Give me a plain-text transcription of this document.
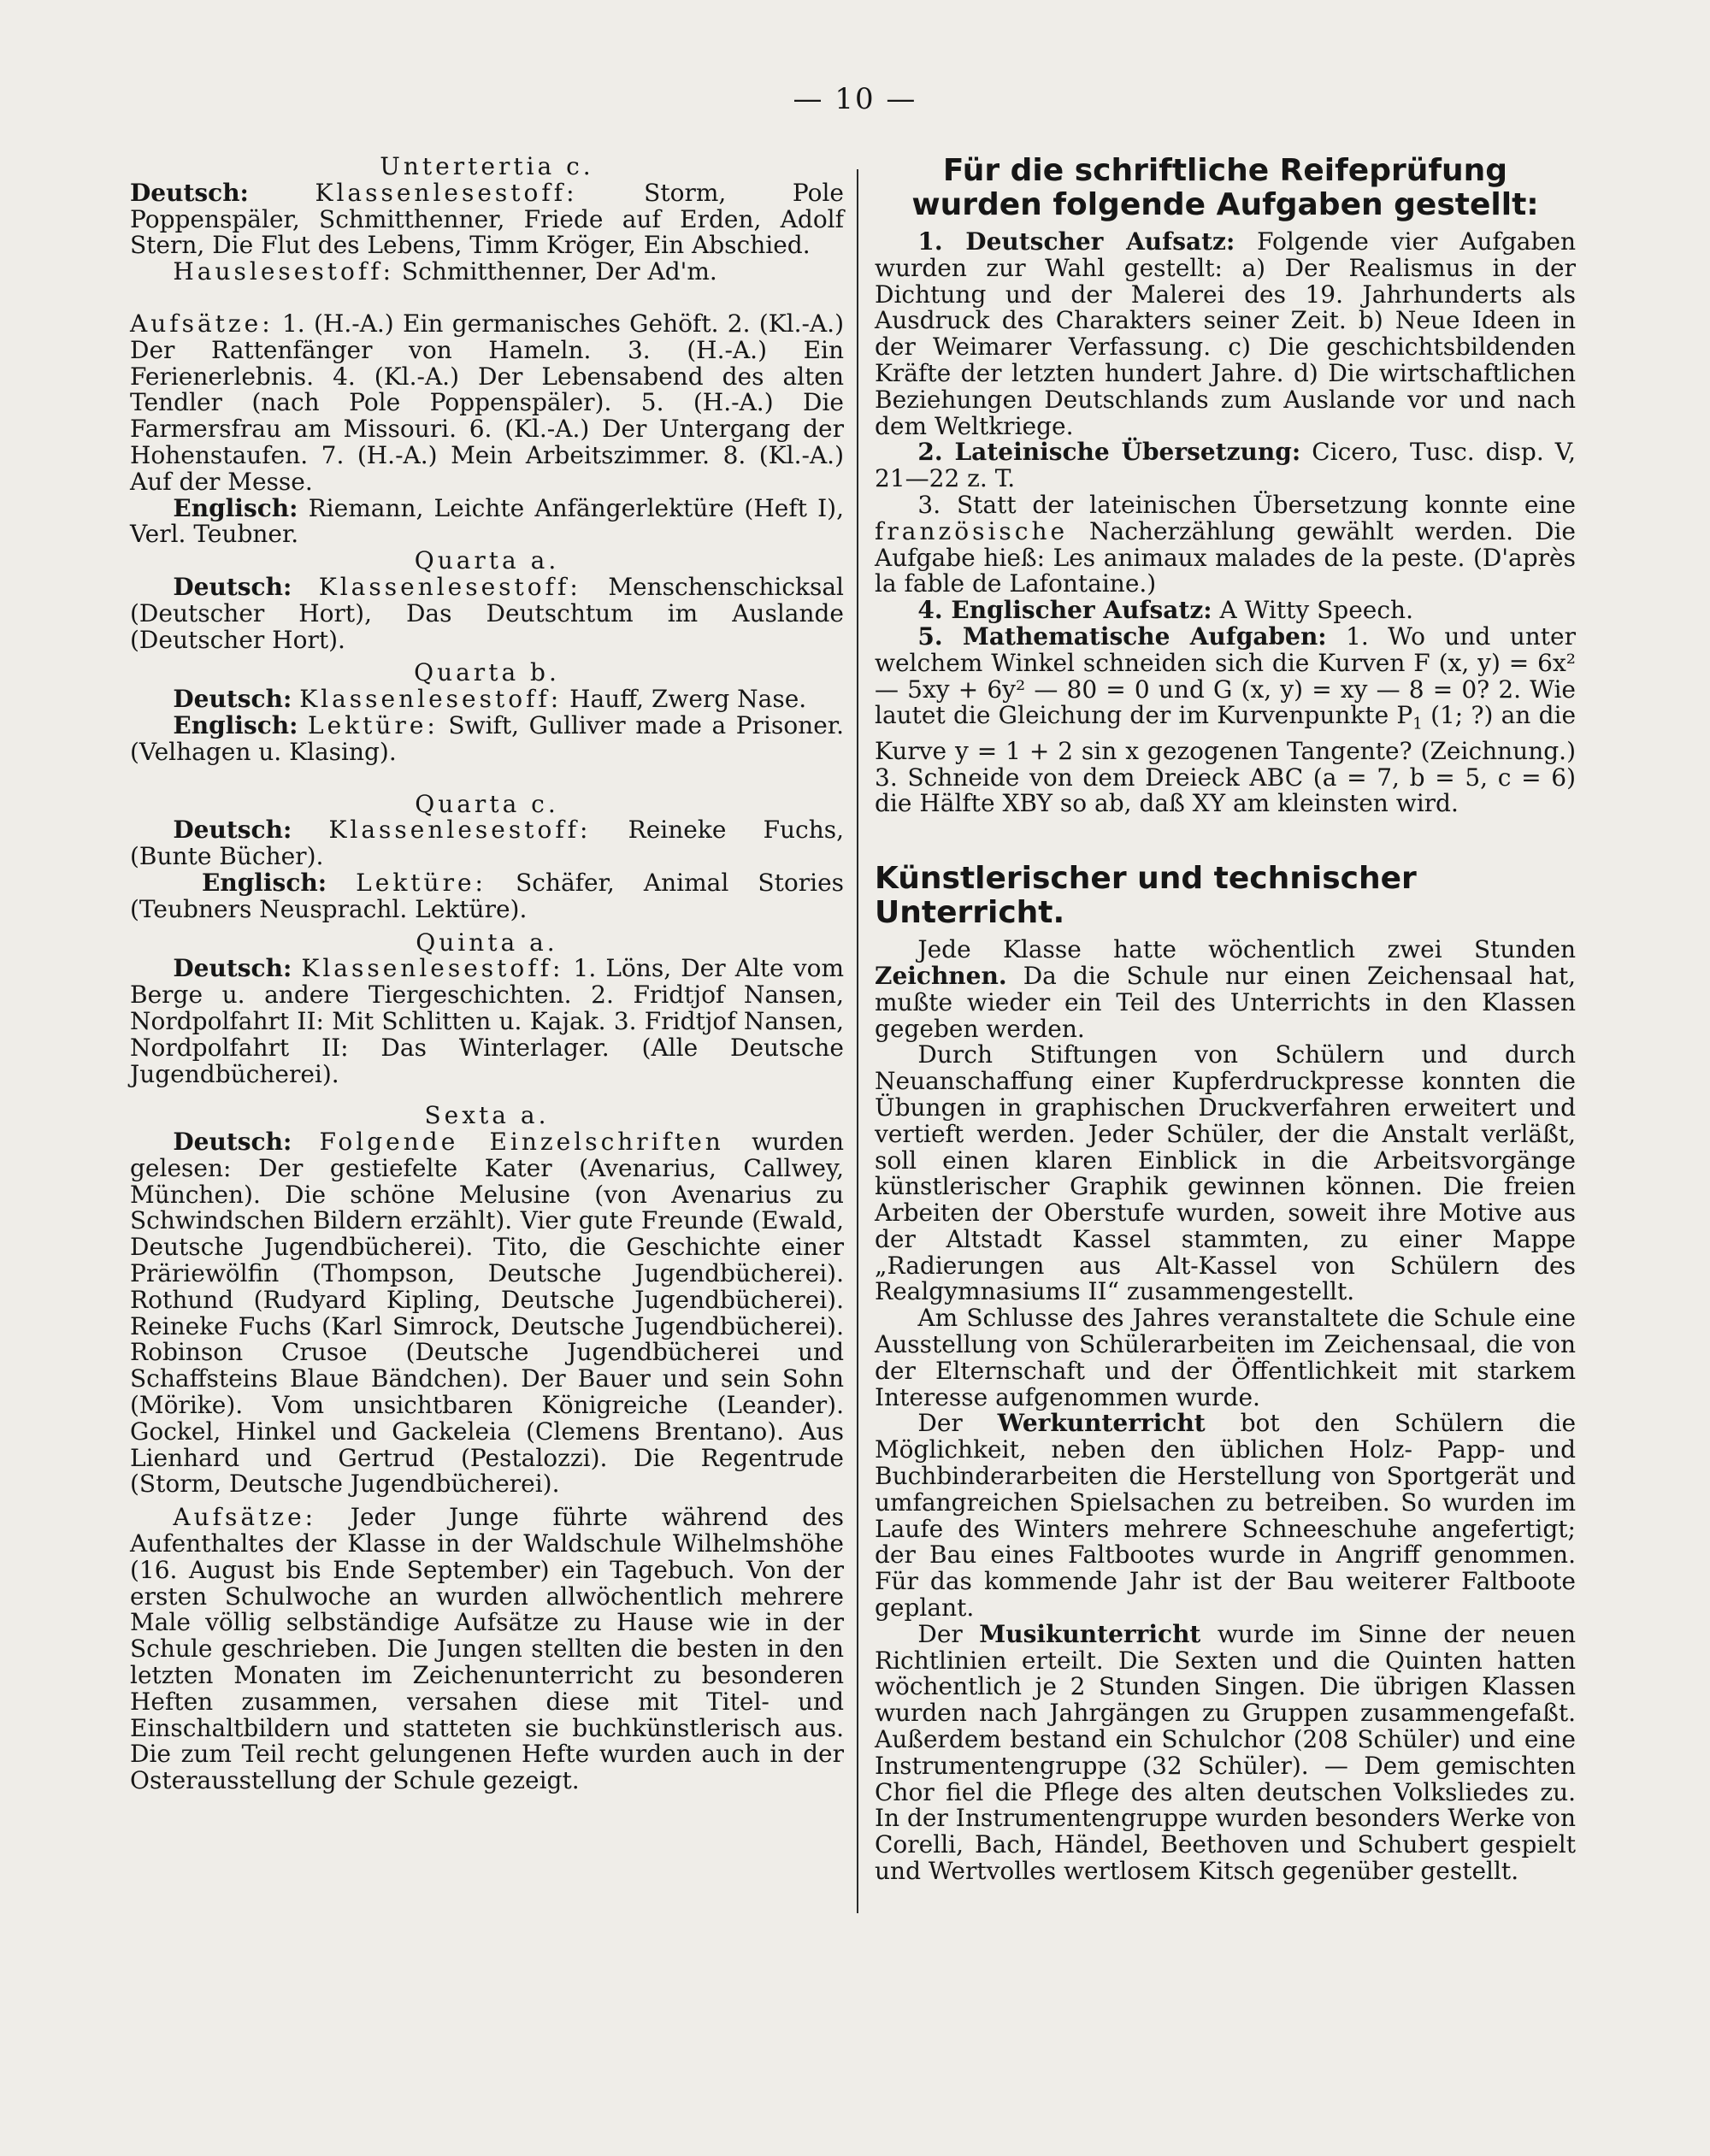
— 10 —

Untertertia c.

Deutsch:	Klassenlesestoff:	Storm, Pole Poppenspäler, Schmitthenner, Friede auf Erden, Adolf Stern, Die Flut des Lebens, Timm Kröger, Ein Abschied.

Hauslesestoff: Schmitthenner, Der Ad'm.

Aufsätze: 1. (H.-A.) Ein germanisches Gehöft. 2. (Kl.-A.) Der Rattenfänger von Hameln. 3. (H.-A.) Ein Ferienerlebnis. 4. (Kl.-A.) Der Lebensabend des alten Tendler (nach Pole Poppenspäler). 5. (H.-A.) Die Farmersfrau am Missouri. 6. (Kl.-A.) Der Untergang der Hohenstaufen. 7. (H.-A.) Mein Arbeitszimmer. 8. (Kl.-A.) Auf der Messe.

Englisch: Riemann, Leichte Anfängerlektüre (Heft I), Verl. Teubner.

Quarta a.

Deutsch: Klassenlesestoff: Menschenschicksal (Deutscher Hort), Das Deutschtum im Auslande (Deutscher Hort).

Quarta b.

Deutsch: Klassenlesestoff: Hauff, Zwerg Nase.

Englisch: Lektüre: Swift, Gulliver made a Prisoner. (Velhagen u. Klasing).

Quarta c.

Deutsch: Klassenlesestoff: Reineke Fuchs, (Bunte Bücher).

Englisch: Lektüre: Schäfer, Animal Stories (Teubners Neusprachl. Lektüre).

Quinta a.

Deutsch: Klassenlesestoff: 1. Löns, Der Alte vom Berge u. andere Tiergeschichten. 2. Fridtjof Nansen, Nordpolfahrt II: Mit Schlitten u. Kajak. 3. Fridtjof Nansen, Nordpolfahrt II: Das Winterlager. (Alle Deutsche Jugendbücherei).

Sexta a.

Deutsch: Folgende Einzelschriften wurden gelesen: Der gestiefelte Kater (Avenarius, Callwey, München). Die schöne Melusine (von Avenarius zu Schwindschen Bildern erzählt). Vier gute Freunde (Ewald, Deutsche Jugendbücherei). Tito, die Geschichte einer Präriewölfin (Thompson, Deutsche Jugendbücherei). Rothund (Rudyard Kipling, Deutsche Jugendbücherei). Reineke Fuchs (Karl Simrock, Deutsche Jugendbücherei). Robinson Crusoe (Deutsche Jugendbücherei und Schaffsteins Blaue Bändchen). Der Bauer und sein Sohn (Mörike). Vom unsichtbaren Königreiche (Leander). Gockel, Hinkel und Gackeleia (Clemens Brentano). Aus Lienhard und Gertrud (Pestalozzi). Die Regentrude (Storm, Deutsche Jugendbücherei).

Aufsätze: Jeder Junge führte während des Aufenthaltes der Klasse in der Waldschule Wilhelmshöhe (16. August bis Ende September) ein Tagebuch. Von der ersten Schulwoche an wurden allwöchentlich mehrere Male völlig selbständige Aufsätze zu Hause wie in der Schule geschrieben. Die Jungen stellten die besten in den letzten Monaten im Zeichenunterricht zu besonderen Heften zusammen, versahen diese mit Titel- und Einschaltbildern und statteten sie buchkünstlerisch aus. Die zum Teil recht gelungenen Hefte wurden auch in der Osterausstellung der Schule gezeigt.

Für die schriftliche Reifeprüfung wurden folgende Aufgaben gestellt:

1. Deutscher Aufsatz: Folgende vier Aufgaben wurden zur Wahl gestellt: a) Der Realismus in der Dichtung und der Malerei des 19. Jahrhunderts als Ausdruck des Charakters seiner Zeit. b) Neue Ideen in der Weimarer Verfassung. c) Die geschichtsbildenden Kräfte der letzten hundert Jahre. d) Die wirtschaftlichen Beziehungen Deutschlands zum Auslande vor und nach dem Weltkriege.

2. Lateinische Übersetzung: Cicero, Tusc. disp. V, 21—22 z. T.

3. Statt der lateinischen Übersetzung konnte eine französische Nacherzählung gewählt werden. Die Aufgabe hieß: Les animaux malades de la peste. (D'après la fable de Lafontaine.)

4. Englischer Aufsatz: A Witty Speech.

5. Mathematische Aufgaben: 1. Wo und unter welchem Winkel schneiden sich die Kurven F (x, y) = 6x² — 5xy + 6y² — 80 = 0 und G (x, y) = xy — 8 = 0? 2. Wie lautet die Gleichung der im Kurvenpunkte $P_1$ (1; ?) an die Kurve y = 1 + 2 sin x gezogenen Tangente? (Zeichnung.) 3. Schneide von dem Dreieck ABC (a = 7, b = 5, c = 6) die Hälfte XBY so ab, daß XY am kleinsten wird.

Künstlerischer und technischer Unterricht.

Jede Klasse hatte wöchentlich zwei Stunden Zeichnen. Da die Schule nur einen Zeichensaal hat, mußte wieder ein Teil des Unterrichts in den Klassen gegeben werden.

Durch Stiftungen von Schülern und durch Neuanschaffung einer Kupferdruckpresse konnten die Übungen in graphischen Druckverfahren erweitert und vertieft werden. Jeder Schüler, der die Anstalt verläßt, soll einen klaren Einblick in die Arbeitsvorgänge künstlerischer Graphik gewinnen können. Die freien Arbeiten der Oberstufe wurden, soweit ihre Motive aus der Altstadt Kassel stammten, zu einer Mappe „Radierungen aus Alt-Kassel von Schülern des Realgymnasiums II“ zusammengestellt.

Am Schlusse des Jahres veranstaltete die Schule eine Ausstellung von Schülerarbeiten im Zeichensaal, die von der Elternschaft und der Öffentlichkeit mit starkem Interesse aufgenommen wurde.

Der Werkunterricht bot den Schülern die Möglichkeit, neben den üblichen Holz- Papp- und Buchbinderarbeiten die Herstellung von Sportgerät und umfangreichen Spielsachen zu betreiben. So wurden im Laufe des Winters mehrere Schneeschuhe angefertigt; der Bau eines Faltbootes wurde in Angriff genommen. Für das kommende Jahr ist der Bau weiterer Faltboote geplant.

Der Musikunterricht wurde im Sinne der neuen Richtlinien erteilt. Die Sexten und die Quinten hatten wöchentlich je 2 Stunden Singen. Die übrigen Klassen wurden nach Jahrgängen zu Gruppen zusammengefaßt. Außerdem bestand ein Schulchor (208 Schüler) und eine Instrumentengruppe (32 Schüler). — Dem gemischten Chor fiel die Pflege des alten deutschen Volksliedes zu. In der Instrumentengruppe wurden besonders Werke von Corelli, Bach, Händel, Beethoven und Schubert gespielt und Wertvolles wertlosem Kitsch gegenüber gestellt.
